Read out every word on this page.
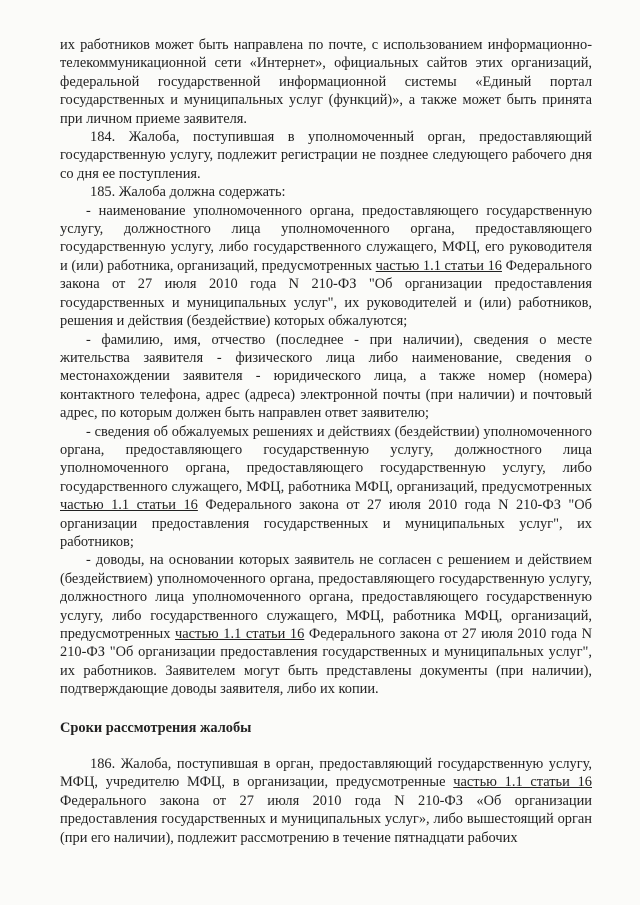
их работников может быть направлена по почте, с использованием информационно-телекоммуникационной сети «Интернет», официальных сайтов этих организаций, федеральной государственной информационной системы «Единый портал государственных и муниципальных услуг (функций)», а также может быть принята при личном приеме заявителя.

184. Жалоба, поступившая в уполномоченный орган, предоставляющий государственную услугу, подлежит регистрации не позднее следующего рабочего дня со дня ее поступления.

185. Жалоба должна содержать:

- наименование уполномоченного органа, предоставляющего государственную услугу, должностного лица уполномоченного органа, предоставляющего государственную услугу, либо государственного служащего, МФЦ, его руководителя и (или) работника, организаций, предусмотренных частью 1.1 статьи 16 Федерального закона от 27 июля 2010 года N 210-ФЗ "Об организации предоставления государственных и муниципальных услуг", их руководителей и (или) работников, решения и действия (бездействие) которых обжалуются;

- фамилию, имя, отчество (последнее - при наличии), сведения о месте жительства заявителя - физического лица либо наименование, сведения о местонахождении заявителя - юридического лица, а также номер (номера) контактного телефона, адрес (адреса) электронной почты (при наличии) и почтовый адрес, по которым должен быть направлен ответ заявителю;

- сведения об обжалуемых решениях и действиях (бездействии) уполномоченного органа, предоставляющего государственную услугу, должностного лица уполномоченного органа, предоставляющего государственную услугу, либо государственного служащего, МФЦ, работника МФЦ, организаций, предусмотренных частью 1.1 статьи 16 Федерального закона от 27 июля 2010 года N 210-ФЗ "Об организации предоставления государственных и муниципальных услуг", их работников;

- доводы, на основании которых заявитель не согласен с решением и действием (бездействием) уполномоченного органа, предоставляющего государственную услугу, должностного лица уполномоченного органа, предоставляющего государственную услугу, либо государственного служащего, МФЦ, работника МФЦ, организаций, предусмотренных частью 1.1 статьи 16 Федерального закона от 27 июля 2010 года N 210-ФЗ "Об организации предоставления государственных и муниципальных услуг", их работников. Заявителем могут быть представлены документы (при наличии), подтверждающие доводы заявителя, либо их копии.

Сроки рассмотрения жалобы

186. Жалоба, поступившая в орган, предоставляющий государственную услугу, МФЦ, учредителю МФЦ, в организации, предусмотренные частью 1.1 статьи 16 Федерального закона от 27 июля 2010 года N 210-ФЗ «Об организации предоставления государственных и муниципальных услуг», либо вышестоящий орган (при его наличии), подлежит рассмотрению в течение пятнадцати рабочих
